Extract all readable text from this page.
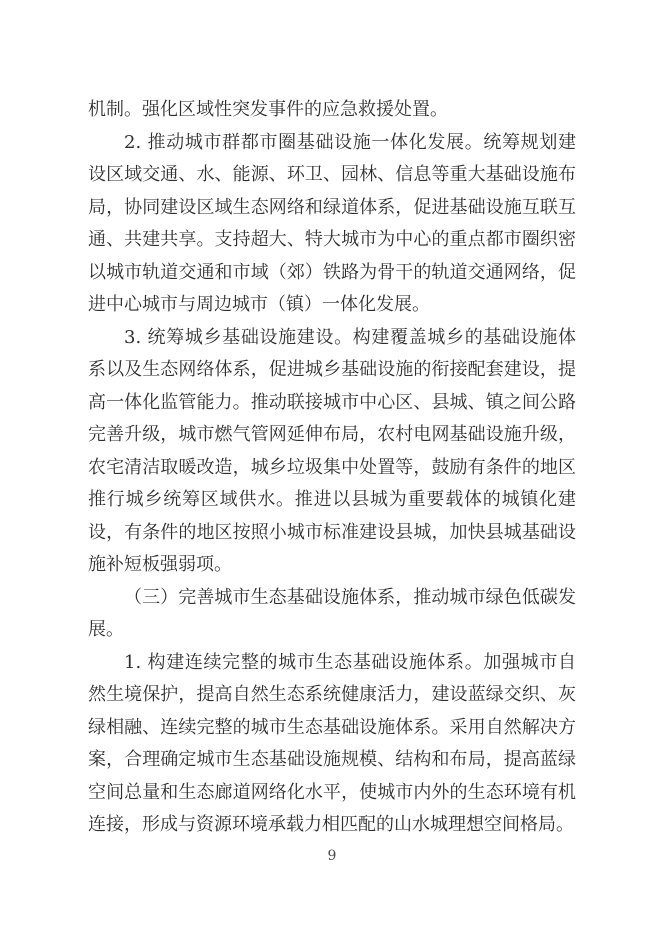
机制。强化区域性突发事件的应急救援处置。

2. 推动城市群都市圈基础设施一体化发展。统筹规划建设区域交通、水、能源、环卫、园林、信息等重大基础设施布局，协同建设区域生态网络和绿道体系，促进基础设施互联互通、共建共享。支持超大、特大城市为中心的重点都市圈织密以城市轨道交通和市域（郊）铁路为骨干的轨道交通网络，促进中心城市与周边城市（镇）一体化发展。

3. 统筹城乡基础设施建设。构建覆盖城乡的基础设施体系以及生态网络体系，促进城乡基础设施的衔接配套建设，提高一体化监管能力。推动联接城市中心区、县城、镇之间公路完善升级，城市燃气管网延伸布局，农村电网基础设施升级，农宅清洁取暖改造，城乡垃圾集中处置等，鼓励有条件的地区推行城乡统筹区域供水。推进以县城为重要载体的城镇化建设，有条件的地区按照小城市标准建设县城，加快县城基础设施补短板强弱项。

（三）完善城市生态基础设施体系，推动城市绿色低碳发展。

1. 构建连续完整的城市生态基础设施体系。加强城市自然生境保护，提高自然生态系统健康活力，建设蓝绿交织、灰绿相融、连续完整的城市生态基础设施体系。采用自然解决方案，合理确定城市生态基础设施规模、结构和布局，提高蓝绿空间总量和生态廊道网络化水平，使城市内外的生态环境有机连接，形成与资源环境承载力相匹配的山水城理想空间格局。

9
